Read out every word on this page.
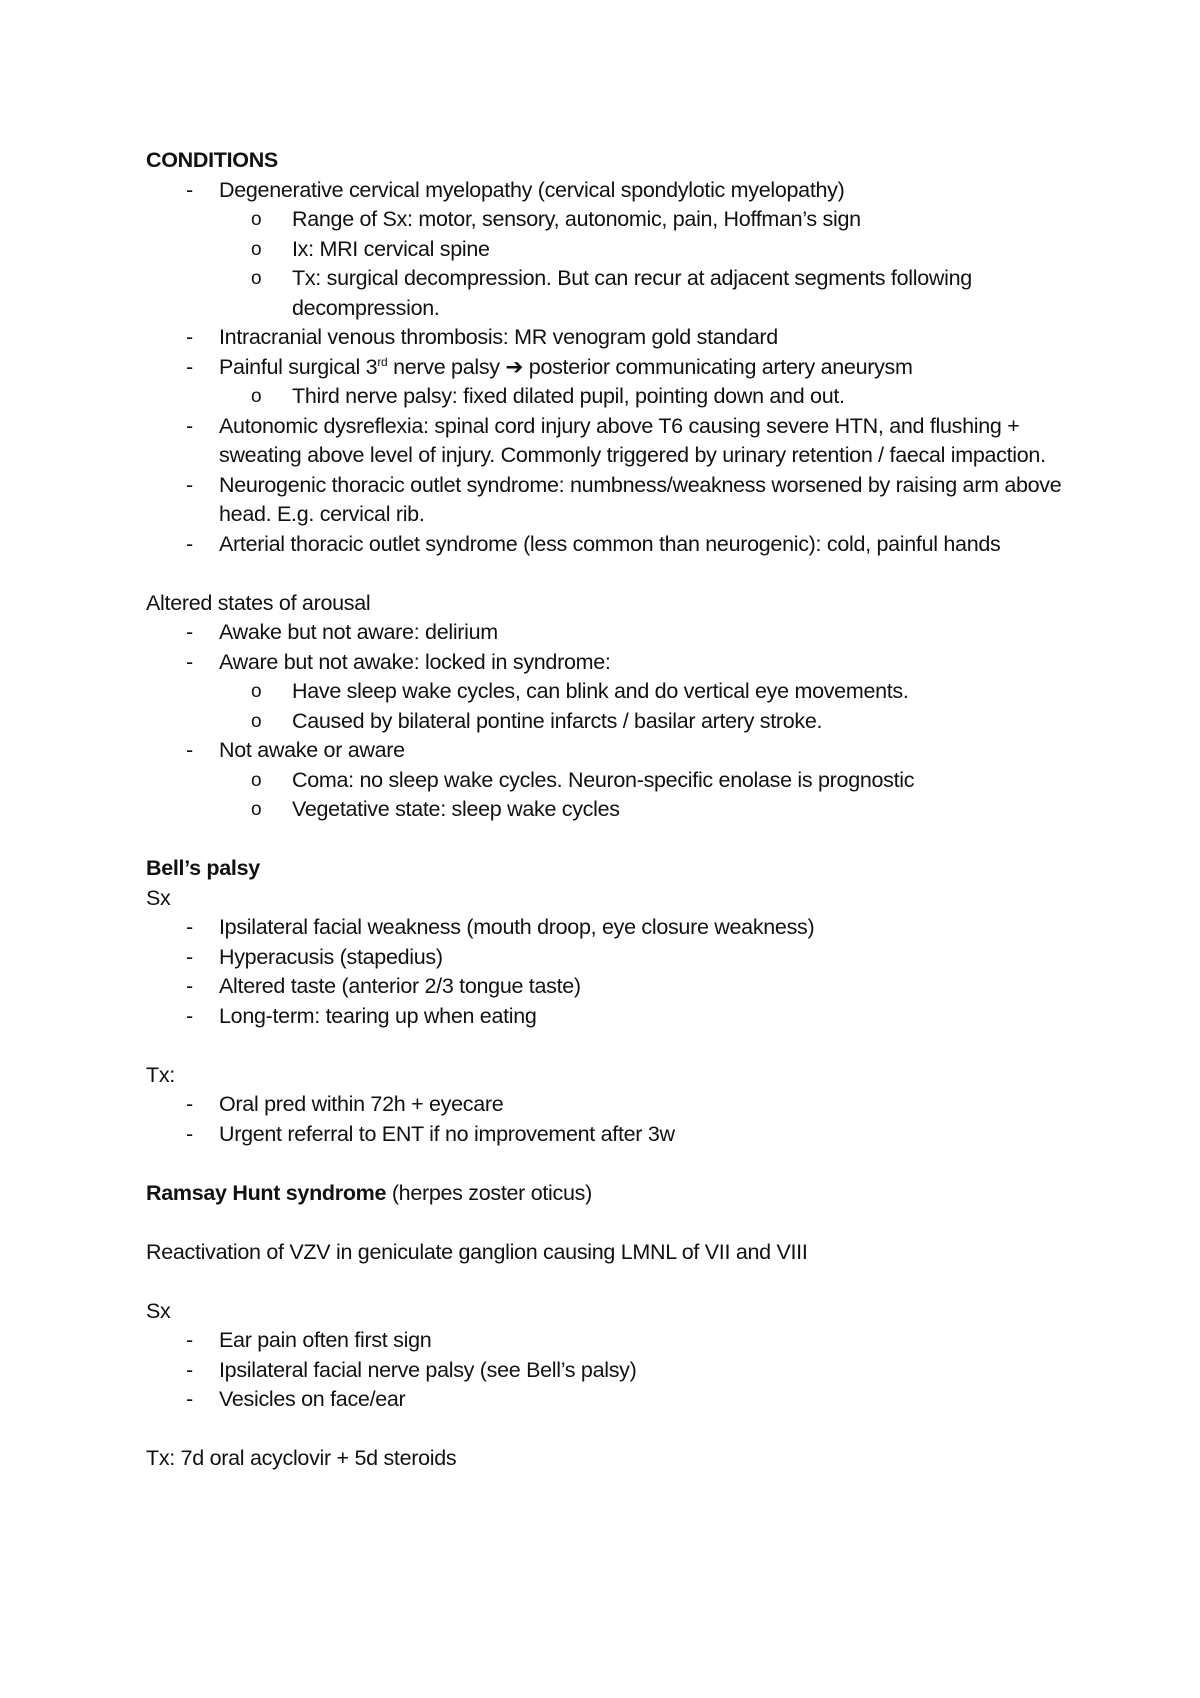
CONDITIONS
- Degenerative cervical myelopathy (cervical spondylotic myelopathy)
o Range of Sx: motor, sensory, autonomic, pain, Hoffman’s sign
o Ix: MRI cervical spine
o Tx: surgical decompression. But can recur at adjacent segments following decompression.
- Intracranial venous thrombosis: MR venogram gold standard
- Painful surgical 3rd nerve palsy ➔ posterior communicating artery aneurysm
o Third nerve palsy: fixed dilated pupil, pointing down and out.
- Autonomic dysreflexia: spinal cord injury above T6 causing severe HTN, and flushing + sweating above level of injury. Commonly triggered by urinary retention / faecal impaction.
- Neurogenic thoracic outlet syndrome: numbness/weakness worsened by raising arm above head. E.g. cervical rib.
- Arterial thoracic outlet syndrome (less common than neurogenic): cold, painful hands
Altered states of arousal
- Awake but not aware: delirium
- Aware but not awake: locked in syndrome:
o Have sleep wake cycles, can blink and do vertical eye movements.
o Caused by bilateral pontine infarcts / basilar artery stroke.
- Not awake or aware
o Coma: no sleep wake cycles. Neuron-specific enolase is prognostic
o Vegetative state: sleep wake cycles
Bell’s palsy
Sx
- Ipsilateral facial weakness (mouth droop, eye closure weakness)
- Hyperacusis (stapedius)
- Altered taste (anterior 2/3 tongue taste)
- Long-term: tearing up when eating
Tx:
- Oral pred within 72h + eyecare
- Urgent referral to ENT if no improvement after 3w
Ramsay Hunt syndrome (herpes zoster oticus)
Reactivation of VZV in geniculate ganglion causing LMNL of VII and VIII
Sx
- Ear pain often first sign
- Ipsilateral facial nerve palsy (see Bell’s palsy)
- Vesicles on face/ear
Tx: 7d oral acyclovir + 5d steroids
